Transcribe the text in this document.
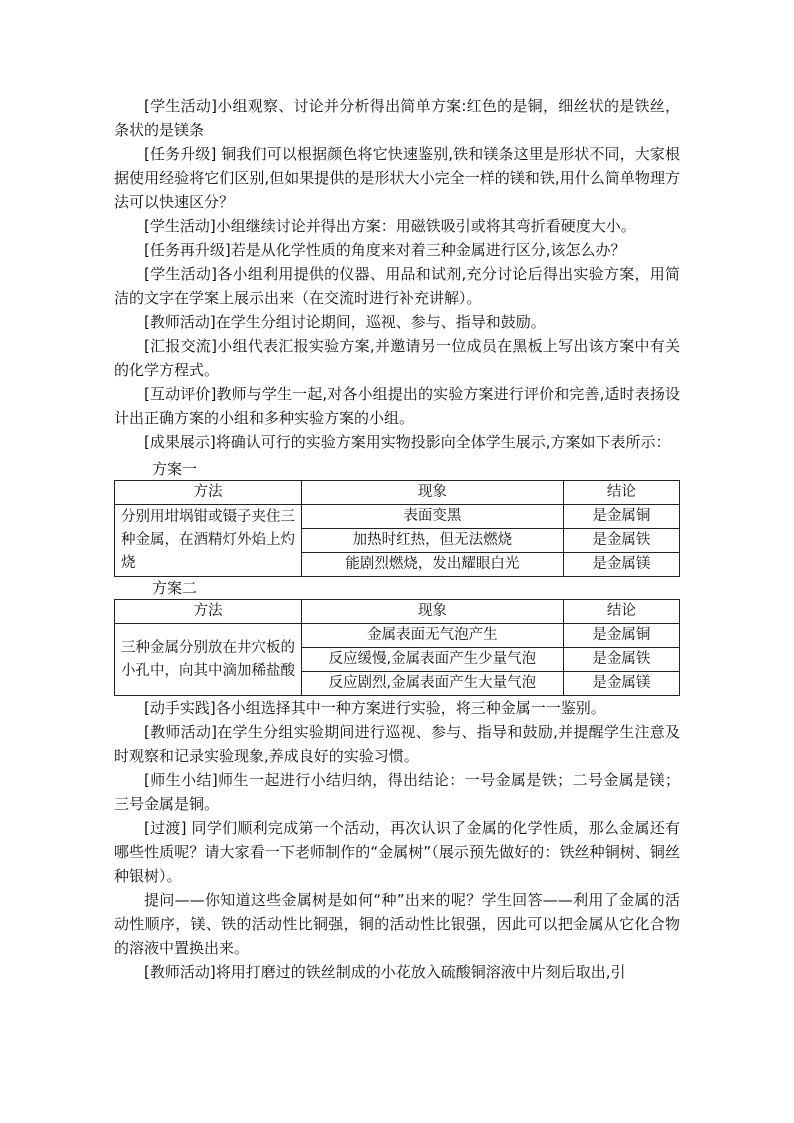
[学生活动]小组观察、讨论并分析得出简单方案:红色的是铜，细丝状的是铁丝，条状的是镁条

[任务升级] 铜我们可以根据颜色将它快速鉴别,铁和镁条这里是形状不同，大家根据使用经验将它们区别,但如果提供的是形状大小完全一样的镁和铁,用什么简单物理方法可以快速区分？

[学生活动]小组继续讨论并得出方案：用磁铁吸引或将其弯折看硬度大小。

[任务再升级]若是从化学性质的角度来对着三种金属进行区分,该怎么办？

[学生活动]各小组利用提供的仪器、用品和试剂,充分讨论后得出实验方案，用简洁的文字在学案上展示出来（在交流时进行补充讲解）。

[教师活动]在学生分组讨论期间，巡视、参与、指导和鼓励。

[汇报交流]小组代表汇报实验方案,并邀请另一位成员在黑板上写出该方案中有关的化学方程式。

[互动评价]教师与学生一起,对各小组提出的实验方案进行评价和完善,适时表扬设计出正确方案的小组和多种实验方案的小组。

[成果展示]将确认可行的实验方案用实物投影向全体学生展示,方案如下表所示：

方案一

方法	现象	结论
分别用坩埚钳或镊子夹住三种金属，在酒精灯外焰上灼烧	表面变黑	是金属铜
	加热时红热，但无法燃烧	是金属铁
	能剧烈燃烧，发出耀眼白光	是金属镁

方案二

方法	现象	结论
三种金属分别放在井穴板的小孔中，向其中滴加稀盐酸	金属表面无气泡产生	是金属铜
	反应缓慢,金属表面产生少量气泡	是金属铁
	反应剧烈,金属表面产生大量气泡	是金属镁

[动手实践]各小组选择其中一种方案进行实验，将三种金属一一鉴别。

[教师活动]在学生分组实验期间进行巡视、参与、指导和鼓励,并提醒学生注意及时观察和记录实验现象,养成良好的实验习惯。

[师生小结]师生一起进行小结归纳，得出结论：一号金属是铁；二号金属是镁；三号金属是铜。

[过渡] 同学们顺利完成第一个活动，再次认识了金属的化学性质，那么金属还有哪些性质呢？请大家看一下老师制作的“金属树”（展示预先做好的：铁丝种铜树、铜丝种银树）。

提问——你知道这些金属树是如何“种”出来的呢？学生回答——利用了金属的活动性顺序，镁、铁的活动性比铜强，铜的活动性比银强，因此可以把金属从它化合物的溶液中置换出来。

[教师活动]将用打磨过的铁丝制成的小花放入硫酸铜溶液中片刻后取出,引
